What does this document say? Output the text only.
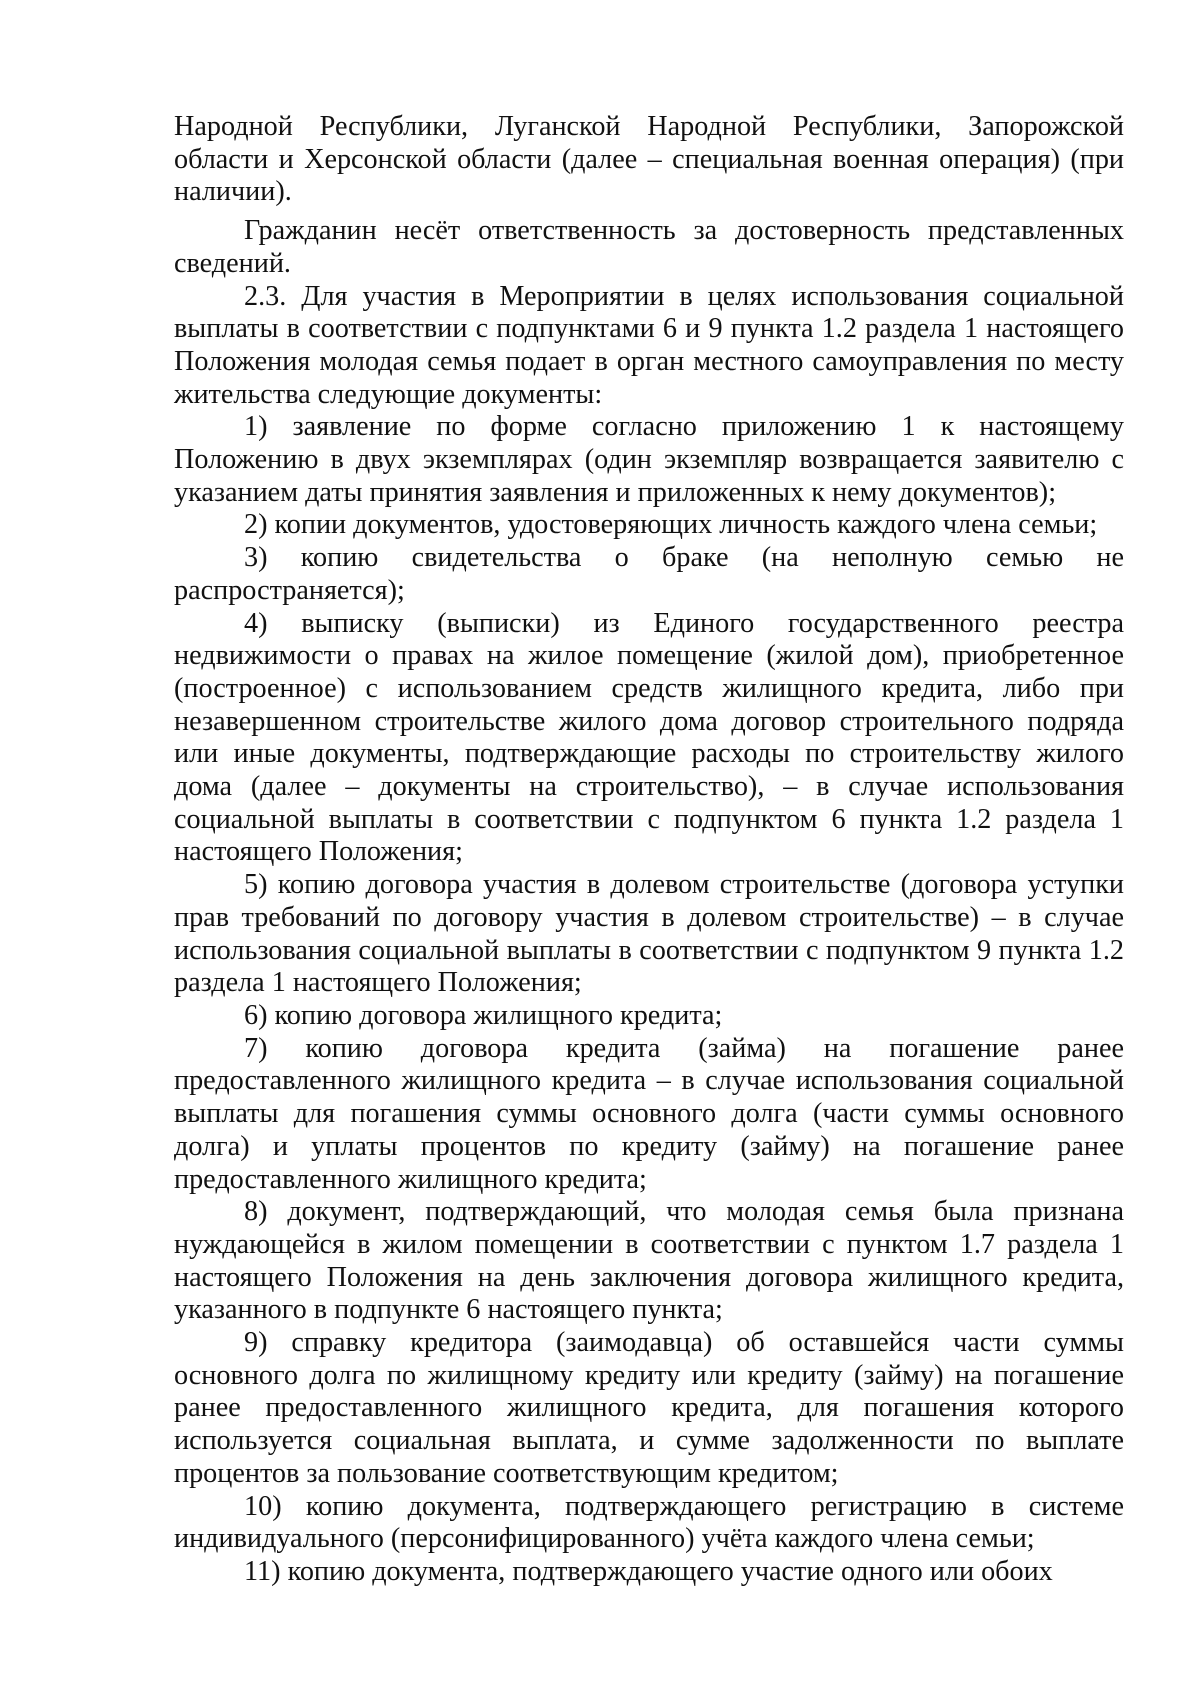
Народной Республики, Луганской Народной Республики, Запорожской области и Херсонской области (далее – специальная военная операция) (при наличии).

Гражданин несёт ответственность за достоверность представленных сведений.

2.3. Для участия в Мероприятии в целях использования социальной выплаты в соответствии с подпунктами 6 и 9 пункта 1.2 раздела 1 настоящего Положения молодая семья подает в орган местного самоуправления по месту жительства следующие документы:

1) заявление по форме согласно приложению 1 к настоящему Положению в двух экземплярах (один экземпляр возвращается заявителю с указанием даты принятия заявления и приложенных к нему документов);

2) копии документов, удостоверяющих личность каждого члена семьи;

3) копию свидетельства о браке (на неполную семью не распространяется);

4) выписку (выписки) из Единого государственного реестра недвижимости о правах на жилое помещение (жилой дом), приобретенное (построенное) с использованием средств жилищного кредита, либо при незавершенном строительстве жилого дома договор строительного подряда или иные документы, подтверждающие расходы по строительству жилого дома (далее – документы на строительство), – в случае использования социальной выплаты в соответствии с подпунктом 6 пункта 1.2 раздела 1 настоящего Положения;

5) копию договора участия в долевом строительстве (договора уступки прав требований по договору участия в долевом строительстве) – в случае использования социальной выплаты в соответствии с подпунктом 9 пункта 1.2 раздела 1 настоящего Положения;

6) копию договора жилищного кредита;

7) копию договора кредита (займа) на погашение ранее предоставленного жилищного кредита – в случае использования социальной выплаты для погашения суммы основного долга (части суммы основного долга) и уплаты процентов по кредиту (займу) на погашение ранее предоставленного жилищного кредита;

8) документ, подтверждающий, что молодая семья была признана нуждающейся в жилом помещении в соответствии с пунктом 1.7 раздела 1 настоящего Положения на день заключения договора жилищного кредита, указанного в подпункте 6 настоящего пункта;

9) справку кредитора (заимодавца) об оставшейся части суммы основного долга по жилищному кредиту или кредиту (займу) на погашение ранее предоставленного жилищного кредита, для погашения которого используется социальная выплата, и сумме задолженности по выплате процентов за пользование соответствующим кредитом;

10) копию документа, подтверждающего регистрацию в системе индивидуального (персонифицированного) учёта каждого члена семьи;

11) копию документа, подтверждающего участие одного или обоих
